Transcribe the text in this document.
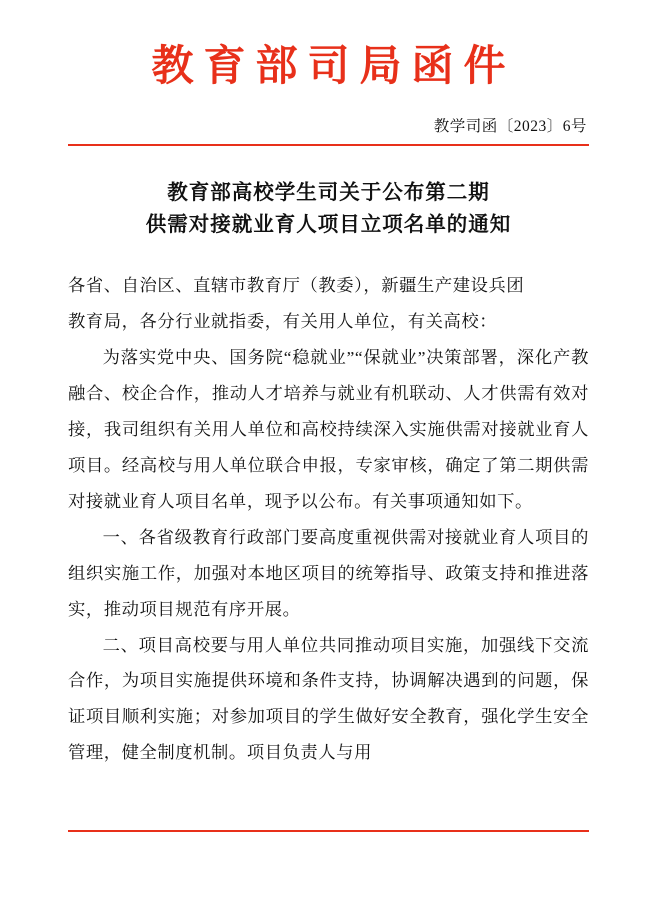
教育部司局函件
教学司函〔2023〕6号
教育部高校学生司关于公布第二期
供需对接就业育人项目立项名单的通知

各省、自治区、直辖市教育厅（教委），新疆生产建设兵团

教育局，各分行业就指委，有关用人单位，有关高校：

为落实党中央、国务院“稳就业”“保就业”决策部署，深化产教融合、校企合作，推动人才培养与就业有机联动、人才供需有效对接，我司组织有关用人单位和高校持续深入实施供需对接就业育人项目。经高校与用人单位联合申报，专家审核，确定了第二期供需对接就业育人项目名单，现予以公布。有关事项通知如下。

一、各省级教育行政部门要高度重视供需对接就业育人项目的组织实施工作，加强对本地区项目的统筹指导、政策支持和推进落实，推动项目规范有序开展。

二、项目高校要与用人单位共同推动项目实施，加强线下交流合作，为项目实施提供环境和条件支持，协调解决遇到的问题，保证项目顺利实施；对参加项目的学生做好安全教育，强化学生安全管理，健全制度机制。项目负责人与用
